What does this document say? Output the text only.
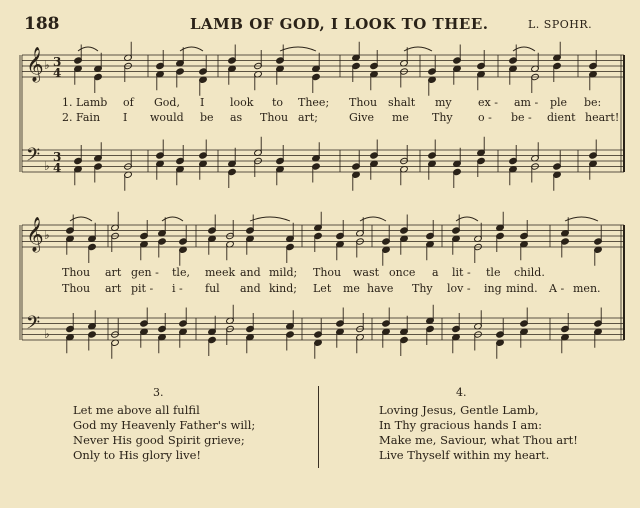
188	LAMB OF GOD, I LOOK TO THEE.	L. SPOHR.
𝄞 ♭ 3
4
𝄢 ♭
3
4
𝄞 ♭
𝄢 ♭
1. Lamb of God, I look to Thee; Thou shalt my ex - am - ple be:
2. Fain I would be as Thou art;	Give me Thy o - be - dient heart!
Thou art gen - tle, meek and mild; Thou wast once a lit - tle child.
Thou art pit - i - ful and kind; Let me have Thy lov - ing mind. A - men.
3.
Let me above all fulfil
God my Heavenly Father's will;
Never His good Spirit grieve;
Only to His glory live!
4.
Loving Jesus, Gentle Lamb,
In Thy gracious hands I am:
Make me, Saviour, what Thou art!
Live Thyself within my heart.
